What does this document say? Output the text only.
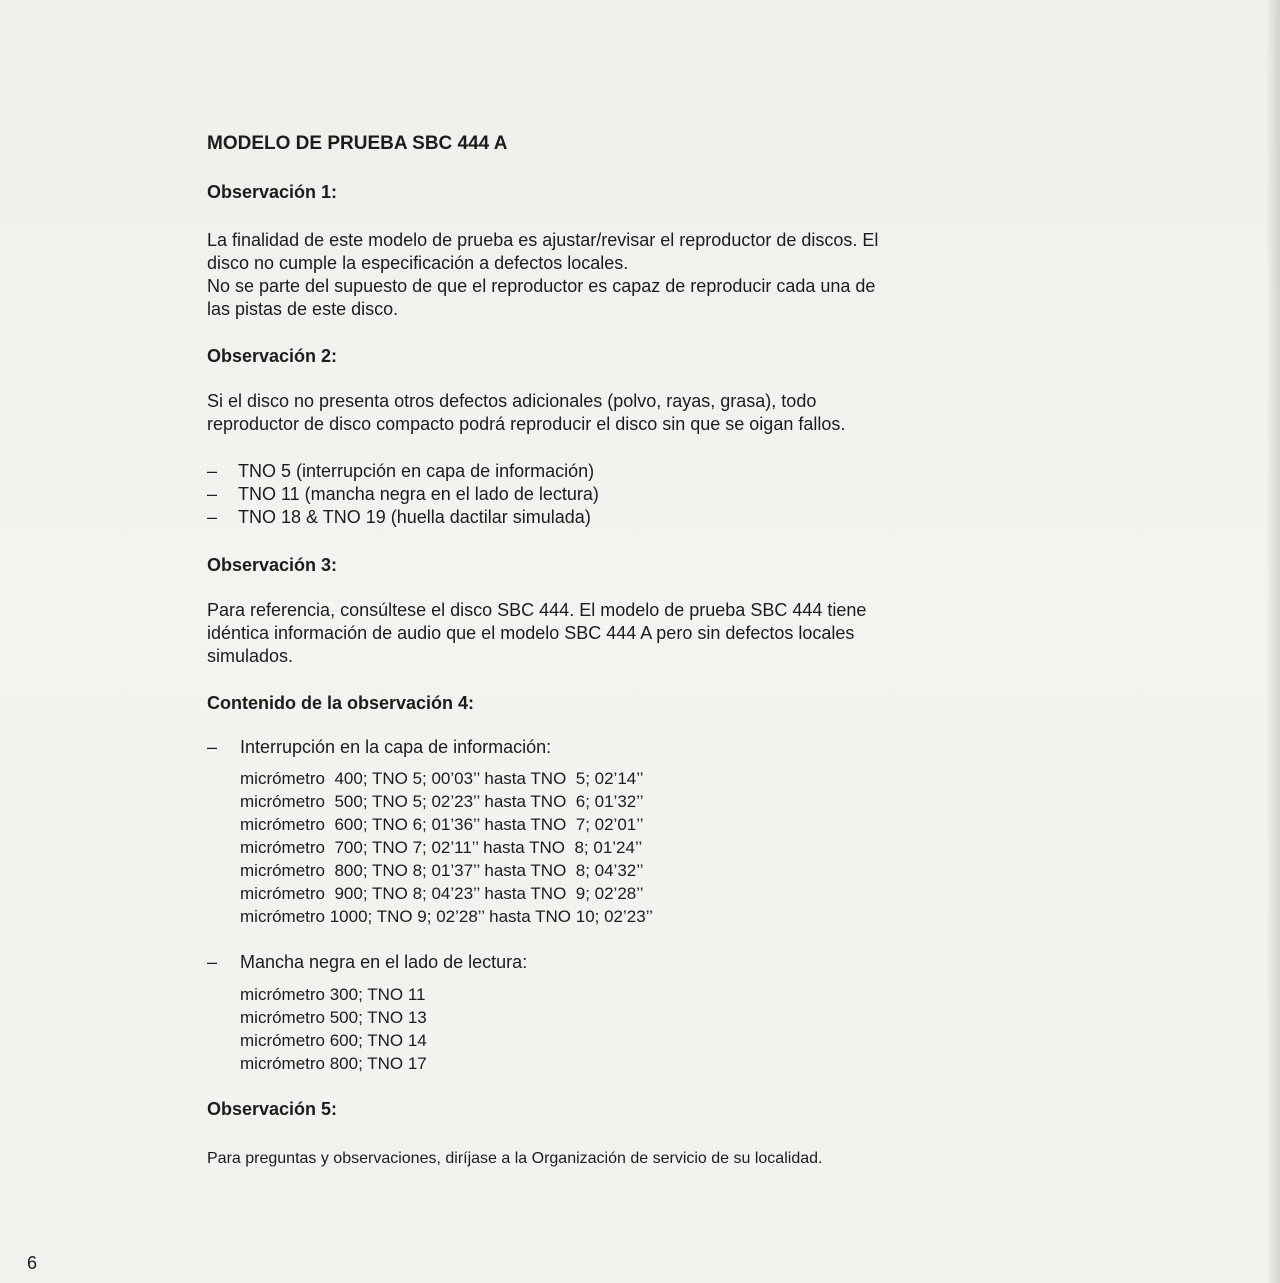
MODELO DE PRUEBA SBC 444 A
Observación 1:

La finalidad de este modelo de prueba es ajustar/revisar el reproductor de discos. El

disco no cumple la especificación a defectos locales.

No se parte del supuesto de que el reproductor es capaz de reproducir cada una de

las pistas de este disco.

Observación 2:

Si el disco no presenta otros defectos adicionales (polvo, rayas, grasa), todo

reproductor de disco compacto podrá reproducir el disco sin que se oigan fallos.

– TNO 5 (interrupción en capa de información)
– TNO 11 (mancha negra en el lado de lectura)
– TNO 18 & TNO 19 (huella dactilar simulada)
Observación 3:

Para referencia, consúltese el disco SBC 444. El modelo de prueba SBC 444 tiene

idéntica información de audio que el modelo SBC 444 A pero sin defectos locales

simulados.

Contenido de la observación 4:

– Interrupción en la capa de información:

micrómetro  400; TNO 5; 00’03’’ hasta TNO  5; 02’14’’
micrómetro  500; TNO 5; 02’23’’ hasta TNO  6; 01’32’’
micrómetro  600; TNO 6; 01’36’’ hasta TNO  7; 02’01’’
micrómetro  700; TNO 7; 02’11’’ hasta TNO  8; 01’24’’
micrómetro  800; TNO 8; 01’37’’ hasta TNO  8; 04’32’’
micrómetro  900; TNO 8; 04’23’’ hasta TNO  9; 02’28’’
micrómetro 1000; TNO 9; 02’28’’ hasta TNO 10; 02’23’’

– Mancha negra en el lado de lectura:

micrómetro 300; TNO 11
micrómetro 500; TNO 13
micrómetro 600; TNO 14
micrómetro 800; TNO 17
Observación 5:

Para preguntas y observaciones, diríjase a la Organización de servicio de su localidad.

6
